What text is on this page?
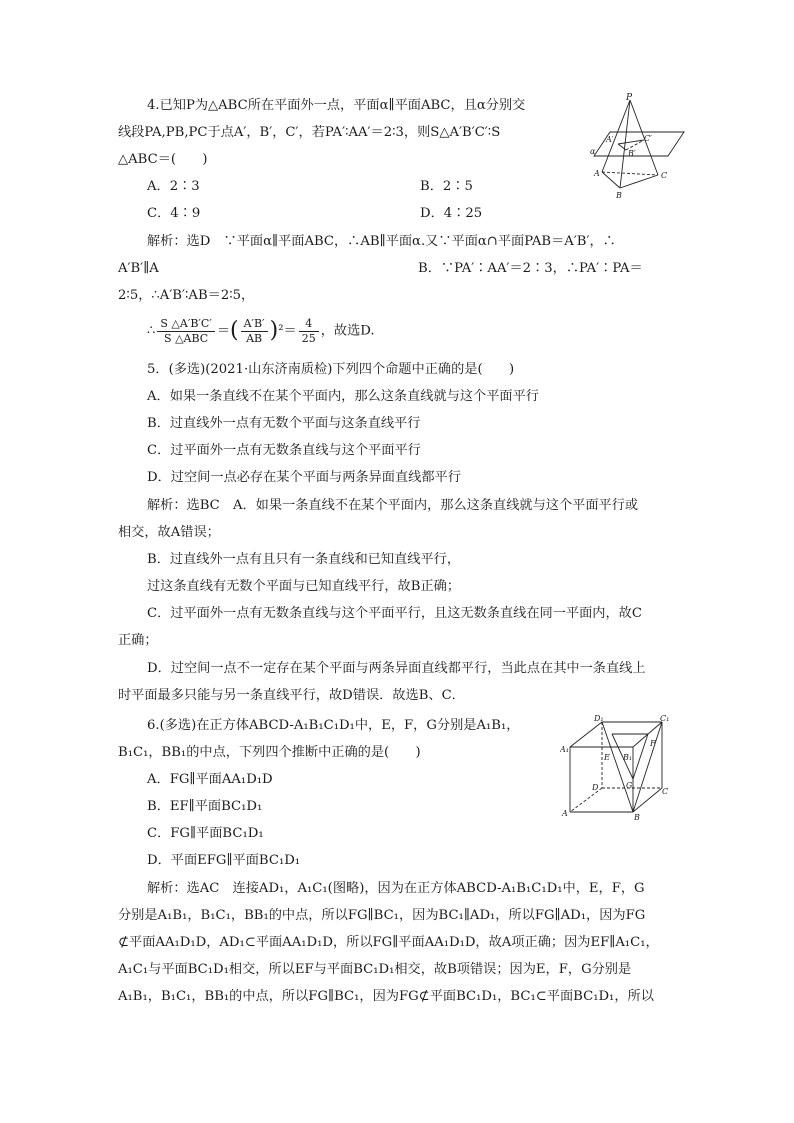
4.已知P为△ABC所在平面外一点，平面α∥平面ABC，且α分别交
线段PA,PB,PC于点A′，B′，C′，若PA′∶AA′＝2∶3，则S△A′B′C′∶S
△ABC＝(　　)
A．2∶3	B．2∶5
C．4∶9	D．4∶25
解析：选D　∵平面α∥平面ABC，∴AB∥平面α.又∵平面α∩平面PAB＝A′B′，∴
A′B′∥A	B．∵PA′∶AA′＝2∶3，∴PA′∶PA＝
2∶5，∴A′B′∶AB＝2∶5，
∴ $\frac{S \triangle A'B'C'}{\text{S △ABC}}$ ＝( $\frac{A'B'}{AB} )^2= \frac{4}{25}$ ，故选D.
P
A′	C′
B′
α
A	C
B
5．(多选)(2021·山东济南质检)下列四个命题中正确的是(　　)
A．如果一条直线不在某个平面内，那么这条直线就与这个平面平行
B．过直线外一点有无数个平面与这条直线平行
C．过平面外一点有无数条直线与这个平面平行
D．过空间一点必存在某个平面与两条异面直线都平行
解析：选BC　A．如果一条直线不在某个平面内，那么这条直线就与这个平面平行或
相交，故A错误；
B．过直线外一点有且只有一条直线和已知直线平行，
过这条直线有无数个平面与已知直线平行，故B正确；
C．过平面外一点有无数条直线与这个平面平行，且这无数条直线在同一平面内，故C
正确；
D．过空间一点不一定存在某个平面与两条异面直线都平行，当此点在其中一条直线上
时平面最多只能与另一条直线平行，故D错误．故选B、C．
6.(多选)在正方体ABCD-A₁B₁C₁D₁中，E，F，G分别是A₁B₁，
B₁C₁，BB₁的中点，下列四个推断中正确的是(　　)
A．FG∥平面AA₁D₁D
B．EF∥平面BC₁D₁
C．FG∥平面BC₁D₁
D．平面EFG∥平面BC₁D₁
D₁	C₁
A₁
F
E B₁
D	G
C
A	B
解析：选AC　连接AD₁，A₁C₁(图略)，因为在正方体ABCD-A₁B₁C₁D₁中，E，F，G
分别是A₁B₁，B₁C₁，BB₁的中点，所以FG∥BC₁，因为BC₁∥AD₁，所以FG∥AD₁，因为FG
⊄平面AA₁D₁D，AD₁⊂平面AA₁D₁D，所以FG∥平面AA₁D₁D，故A项正确；因为EF∥A₁C₁，
A₁C₁与平面BC₁D₁相交，所以EF与平面BC₁D₁相交，故B项错误；因为E，F，G分别是
A₁B₁，B₁C₁，BB₁的中点，所以FG∥BC₁，因为FG⊄平面BC₁D₁，BC₁⊂平面BC₁D₁，所以
